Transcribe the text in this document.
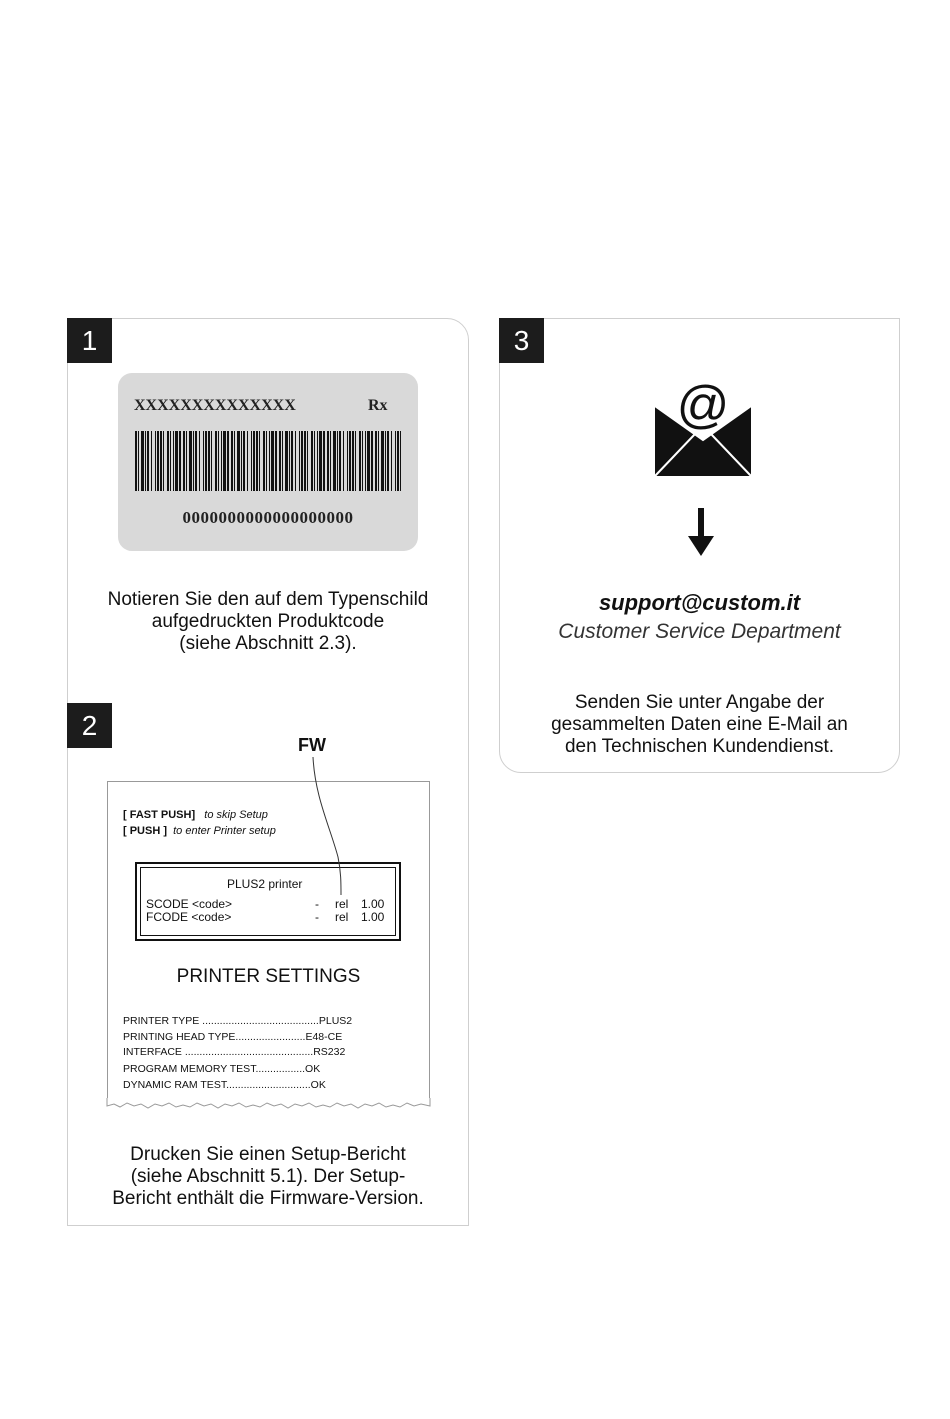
1
XXXXXXXXXXXXXX	Rx
0000000000000000000
Notieren Sie den auf dem Typenschild
aufgedruckten Produktcode
(siehe Abschnitt 2.3).
2
FW
[ FAST PUSH] to skip Setup
[ PUSH ] to enter Printer setup
PLUS2 printer
SCODE <code>
FCODE <code>
-
-
rel
rel
1.00
1.00
PRINTER SETTINGS
PRINTER TYPE ........................................PLUS2
PRINTING HEAD TYPE........................E48-CE
INTERFACE ............................................RS232
PROGRAM MEMORY TEST.................OK
DYNAMIC RAM TEST.............................OK
Drucken Sie einen Setup-Bericht
(siehe Abschnitt 5.1). Der Setup-
Bericht enthält die Firmware-Version.
3
@
support@custom.it
Customer Service Department
Senden Sie unter Angabe der
gesammelten Daten eine E-Mail an
den Technischen Kundendienst.
